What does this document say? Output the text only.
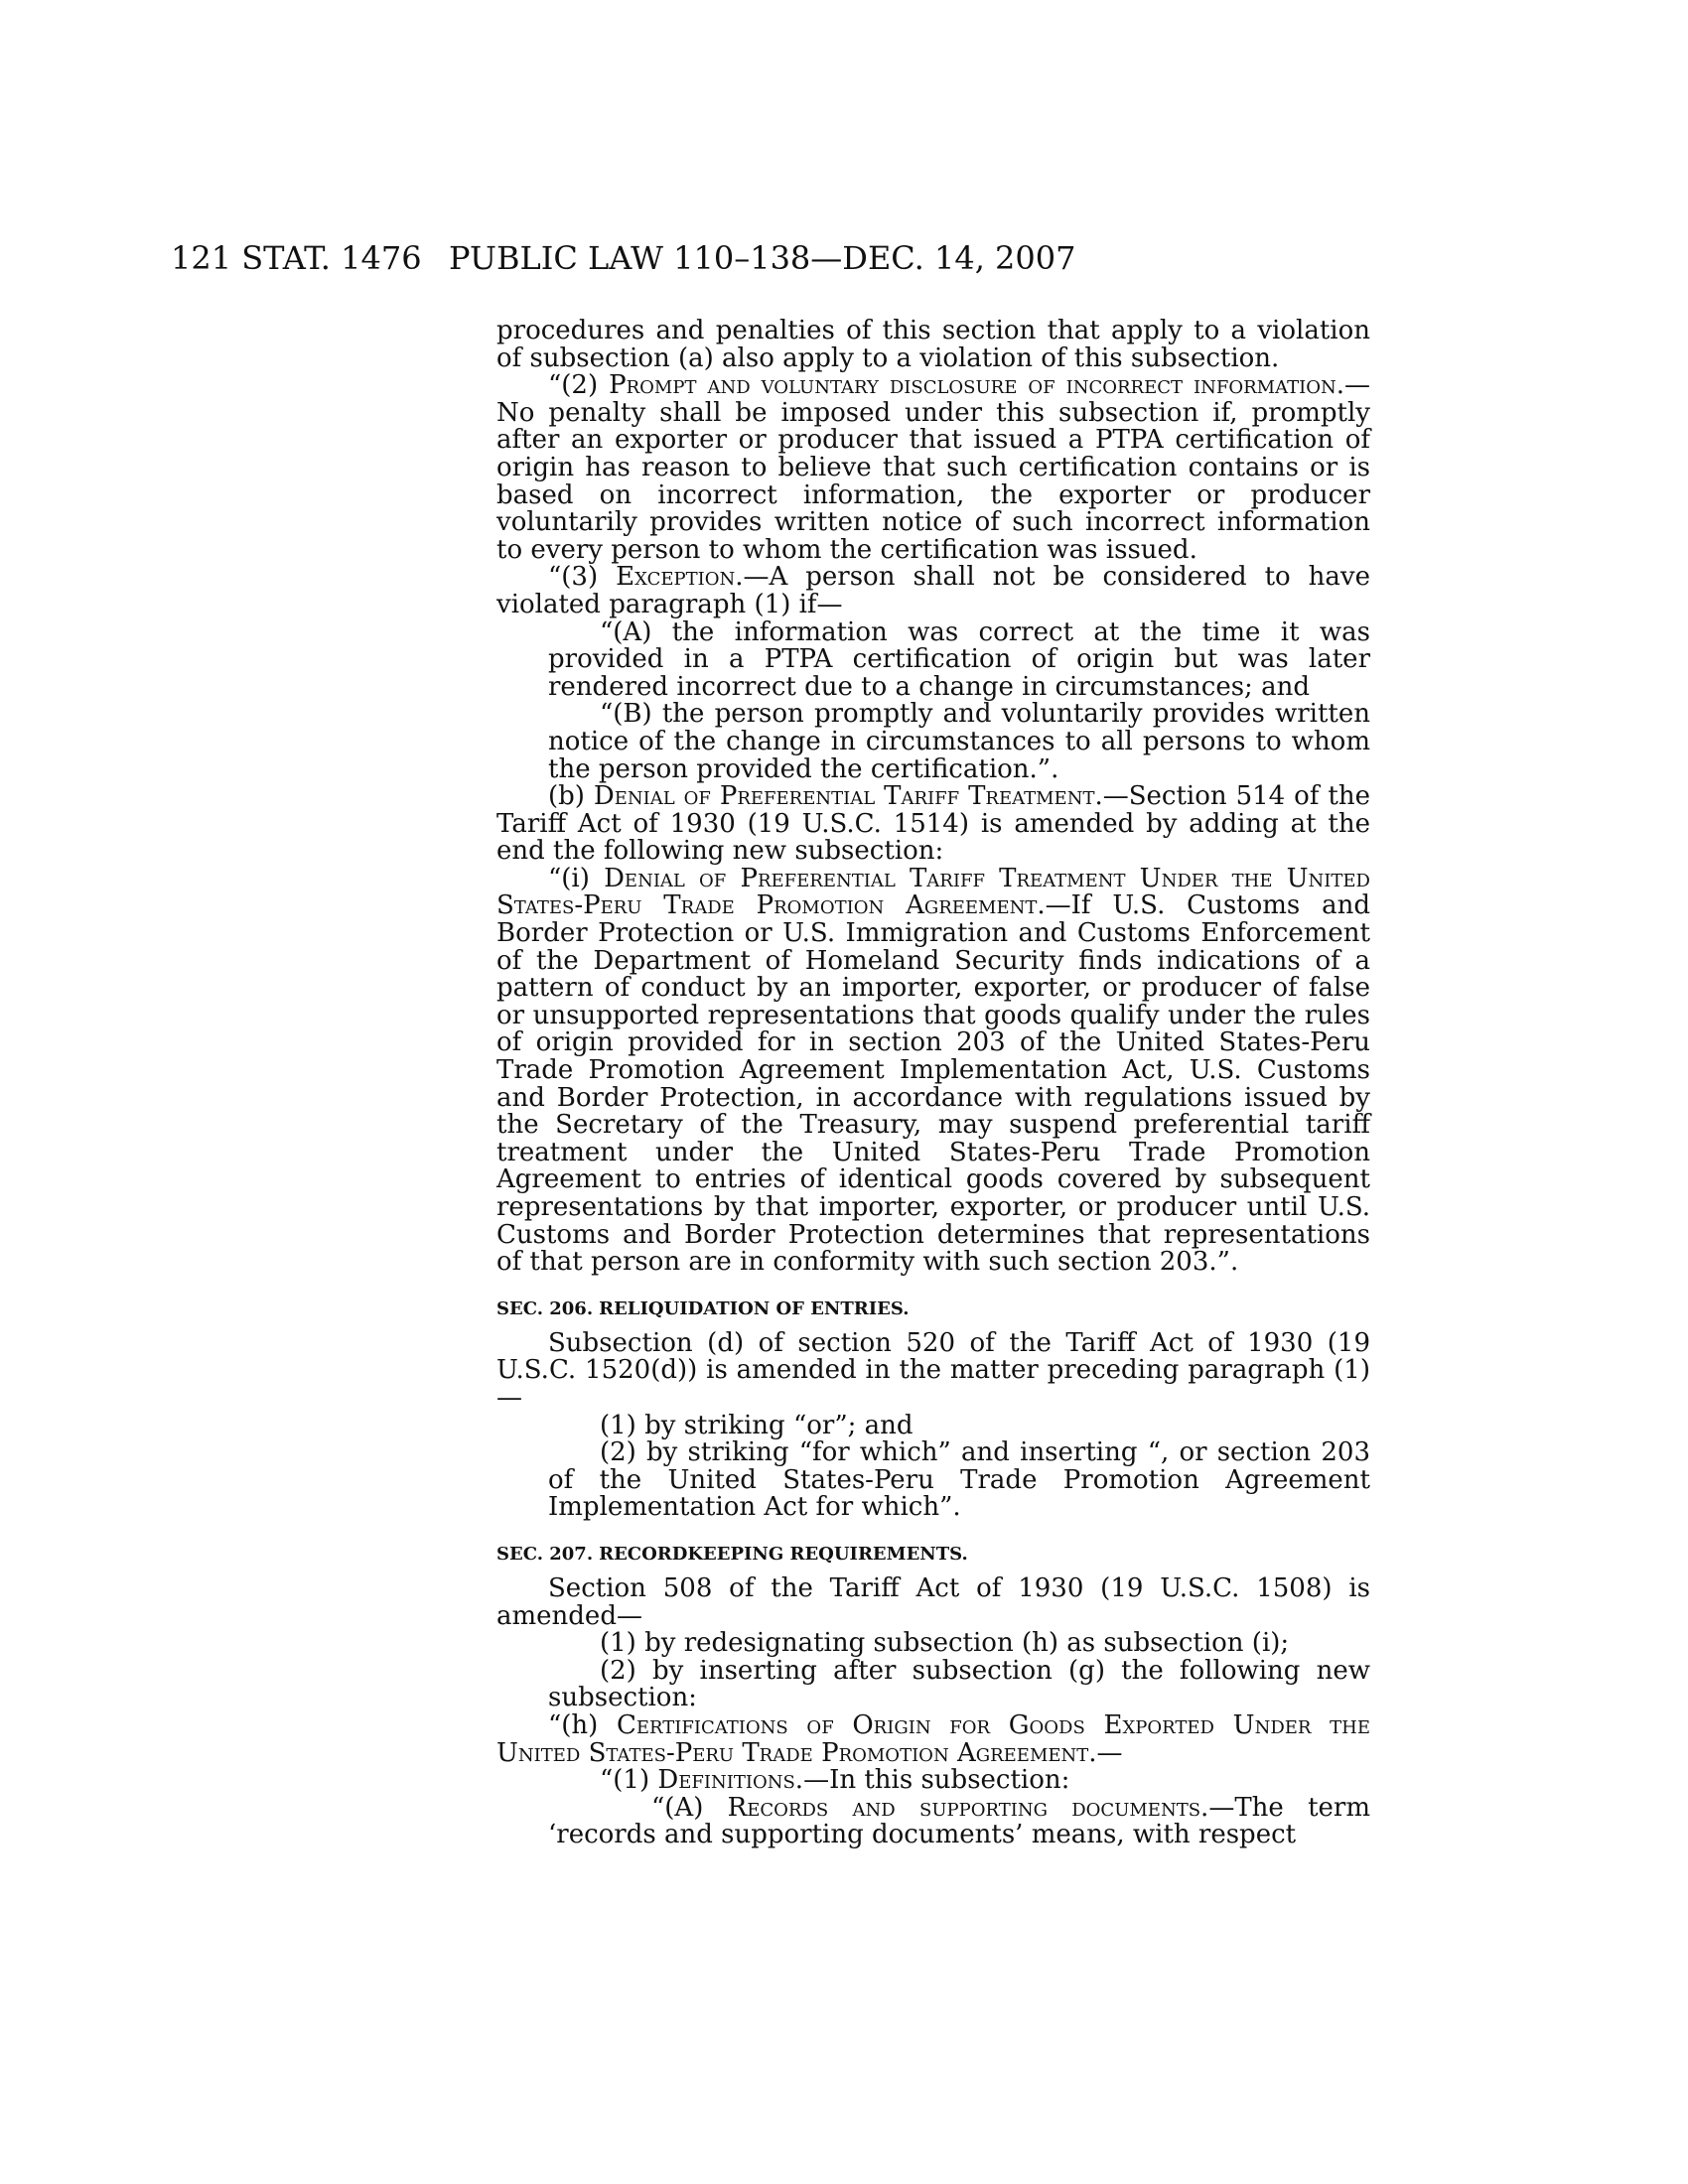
121 STAT. 1476 PUBLIC LAW 110–138—DEC. 14, 2007

procedures and penalties of this section that apply to a violation of subsection (a) also apply to a violation of this subsection.

“(2) Prompt and voluntary disclosure of incorrect information.—No penalty shall be imposed under this subsection if, promptly after an exporter or producer that issued a PTPA certification of origin has reason to believe that such certification contains or is based on incorrect information, the exporter or producer voluntarily provides written notice of such incorrect information to every person to whom the certification was issued.

“(3) Exception.—A person shall not be considered to have violated paragraph (1) if—

“(A) the information was correct at the time it was provided in a PTPA certification of origin but was later rendered incorrect due to a change in circumstances; and

“(B) the person promptly and voluntarily provides written notice of the change in circumstances to all persons to whom the person provided the certification.”.

(b) Denial of Preferential Tariff Treatment.—Section 514 of the Tariff Act of 1930 (19 U.S.C. 1514) is amended by adding at the end the following new subsection:

“(i) Denial of Preferential Tariff Treatment Under the United States-Peru Trade Promotion Agreement.—If U.S. Customs and Border Protection or U.S. Immigration and Customs Enforcement of the Department of Homeland Security finds indications of a pattern of conduct by an importer, exporter, or producer of false or unsupported representations that goods qualify under the rules of origin provided for in section 203 of the United States-Peru Trade Promotion Agreement Implementation Act, U.S. Customs and Border Protection, in accordance with regulations issued by the Secretary of the Treasury, may suspend preferential tariff treatment under the United States-Peru Trade Promotion Agreement to entries of identical goods covered by subsequent representations by that importer, exporter, or producer until U.S. Customs and Border Protection determines that representations of that person are in conformity with such section 203.”.

SEC. 206. RELIQUIDATION OF ENTRIES.

Subsection (d) of section 520 of the Tariff Act of 1930 (19 U.S.C. 1520(d)) is amended in the matter preceding paragraph (1)—

(1) by striking “or”; and

(2) by striking “for which” and inserting “, or section 203 of the United States-Peru Trade Promotion Agreement Implementation Act for which”.

SEC. 207. RECORDKEEPING REQUIREMENTS.

Section 508 of the Tariff Act of 1930 (19 U.S.C. 1508) is amended—

(1) by redesignating subsection (h) as subsection (i);

(2) by inserting after subsection (g) the following new subsection:

“(h) Certifications of Origin for Goods Exported Under the United States-Peru Trade Promotion Agreement.—

“(1) Definitions.—In this subsection:

“(A) Records and supporting documents.—The term ‘records and supporting documents’ means, with respect
